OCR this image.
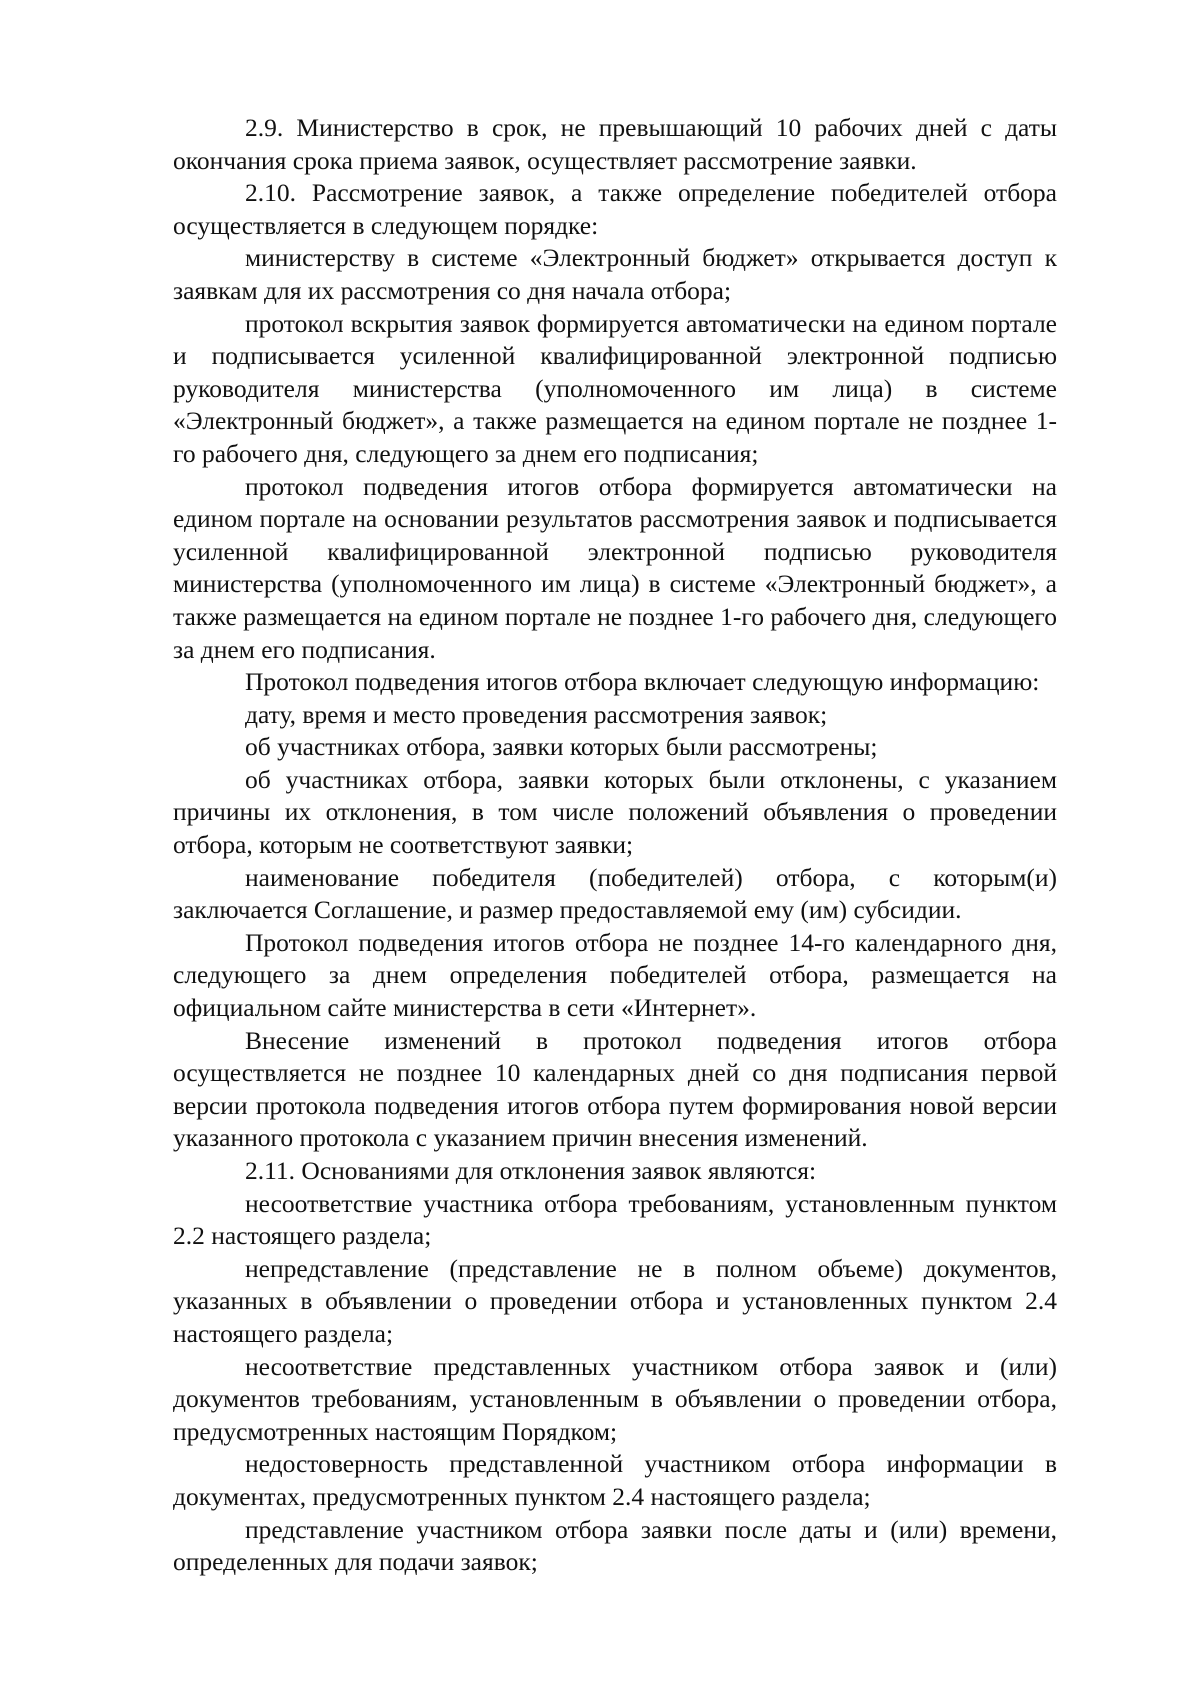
2.9. Министерство в срок, не превышающий 10 рабочих дней с даты окончания срока приема заявок, осуществляет рассмотрение заявки.

2.10. Рассмотрение заявок, а также определение победителей отбора осуществляется в следующем порядке:

министерству в системе «Электронный бюджет» открывается доступ к заявкам для их рассмотрения со дня начала отбора;

протокол вскрытия заявок формируется автоматически на едином портале и подписывается усиленной квалифицированной электронной подписью руководителя министерства (уполномоченного им лица) в системе «Электронный бюджет», а также размещается на едином портале не позднее 1-го рабочего дня, следующего за днем его подписания;

протокол подведения итогов отбора формируется автоматически на едином портале на основании результатов рассмотрения заявок и подписывается усиленной квалифицированной электронной подписью руководителя министерства (уполномоченного им лица) в системе «Электронный бюджет», а также размещается на едином портале не позднее 1-го рабочего дня, следующего за днем его подписания.

Протокол подведения итогов отбора включает следующую информацию:

дату, время и место проведения рассмотрения заявок;

об участниках отбора, заявки которых были рассмотрены;

об участниках отбора, заявки которых были отклонены, с указанием причины их отклонения, в том числе положений объявления о проведении отбора, которым не соответствуют заявки;

наименование победителя (победителей) отбора, с которым(и) заключается Соглашение, и размер предоставляемой ему (им) субсидии.

Протокол подведения итогов отбора не позднее 14-го календарного дня, следующего за днем определения победителей отбора, размещается на официальном сайте министерства в сети «Интернет».

Внесение изменений в протокол подведения итогов отбора осуществляется не позднее 10 календарных дней со дня подписания первой версии протокола подведения итогов отбора путем формирования новой версии указанного протокола с указанием причин внесения изменений.

2.11. Основаниями для отклонения заявок являются:

несоответствие участника отбора требованиям, установленным пунктом 2.2 настоящего раздела;

непредставление (представление не в полном объеме) документов, указанных в объявлении о проведении отбора и установленных пунктом 2.4 настоящего раздела;

несоответствие представленных участником отбора заявок и (или) документов требованиям, установленным в объявлении о проведении отбора, предусмотренных настоящим Порядком;

недостоверность представленной участником отбора информации в документах, предусмотренных пунктом 2.4 настоящего раздела;

представление участником отбора заявки после даты и (или) времени, определенных для подачи заявок;
